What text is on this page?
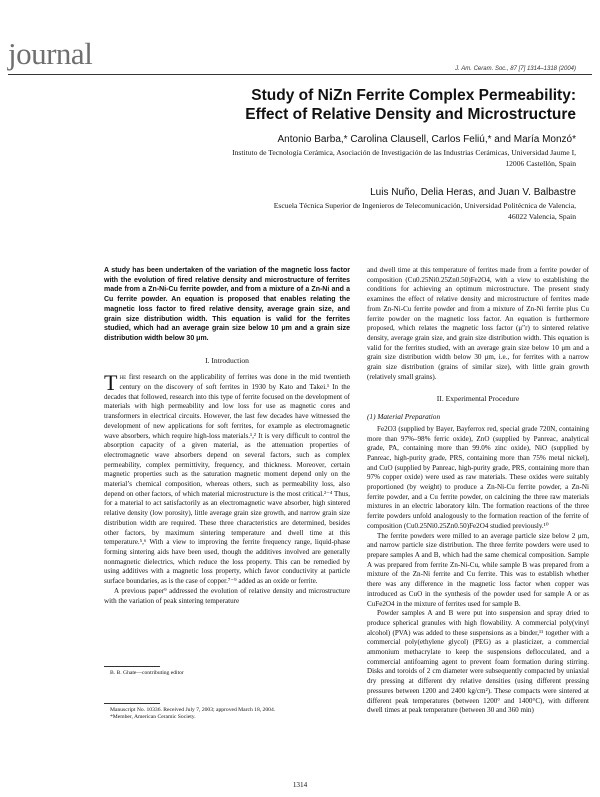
journal	J. Am. Ceram. Soc., 87 [7] 1314–1318 (2004)
Study of NiZn Ferrite Complex Permeability:
Effect of Relative Density and Microstructure
Antonio Barba,* Carolina Clausell, Carlos Feliú,* and María Monzó*
Instituto de Tecnología Cerámica, Asociación de Investigación de las Industrias Cerámicas, Universidad Jaume I,
12006 Castellón, Spain
Luis Nuño, Delia Heras, and Juan V. Balbastre
Escuela Técnica Superior de Ingenieros de Telecomunicación, Universidad Politécnica de Valencia,
46022 Valencia, Spain
A study has been undertaken of the variation of the magnetic loss factor with the evolution of fired relative density and microstructure of ferrites made from a Zn-Ni-Cu ferrite powder, and from a mixture of a Zn-Ni and a Cu ferrite powder. An equation is proposed that enables relating the magnetic loss factor to fired relative density, average grain size, and grain size distribution width. This equation is valid for the ferrites studied, which had an average grain size below 10 μm and a grain size distribution width below 30 μm.
I. Introduction

The first research on the applicability of ferrites was done in the mid twentieth century on the discovery of soft ferrites in 1930 by Kato and Takei.¹ In the decades that followed, research into this type of ferrite focused on the development of materials with high permeability and low loss for use as magnetic cores and transformers in electrical circuits. However, the last few decades have witnessed the development of new applications for soft ferrites, for example as electromagnetic wave absorbers, which require high-loss materials.¹,² It is very difficult to control the absorption capacity of a given material, as the attenuation properties of electromagnetic wave absorbers depend on several factors, such as complex permeability, complex permittivity, frequency, and thickness. Moreover, certain magnetic properties such as the saturation magnetic moment depend only on the material’s chemical composition, whereas others, such as permeability loss, also depend on other factors, of which material microstructure is the most critical.²⁻⁴ Thus, for a material to act satisfactorily as an electromagnetic wave absorber, high sintered relative density (low porosity), little average grain size growth, and narrow grain size distribution width are required. These three characteristics are determined, besides other factors, by maximum sintering temperature and dwell time at this temperature.⁵,⁶ With a view to improving the ferrite frequency range, liquid-phase forming sintering aids have been used, though the additives involved are generally nonmagnetic dielectrics, which reduce the loss property. This can be remedied by using additives with a magnetic loss property, which favor conductivity at particle surface boundaries, as is the case of copper.⁷⁻⁹ added as an oxide or ferrite.

A previous paper⁹ addressed the evolution of relative density and microstructure with the variation of peak sintering temperature

B. B. Ghate—contributing editor
Manuscript No. 10336. Received July 7, 2003; approved March 18, 2004.
*Member, American Ceramic Society.

and dwell time at this temperature of ferrites made from a ferrite powder of composition (Cu0.25Ni0.25Zn0.50)Fe2O4, with a view to establishing the conditions for achieving an optimum microstructure. The present study examines the effect of relative density and microstructure of ferrites made from Zn-Ni-Cu ferrite powder and from a mixture of Zn-Ni ferrite plus Cu ferrite powder on the magnetic loss factor. An equation is furthermore proposed, which relates the magnetic loss factor (μ″r) to sintered relative density, average grain size, and grain size distribution width. This equation is valid for the ferrites studied, with an average grain size below 10 μm and a grain size distribution width below 30 μm, i.e., for ferrites with a narrow grain size distribution (grains of similar size), with little grain growth (relatively small grains).

II. Experimental Procedure
(1) Material Preparation

Fe2O3 (supplied by Bayer, Bayferrox red, special grade 720N, containing more than 97%–98% ferric oxide), ZnO (supplied by Panreac, analytical grade, PA, containing more than 99.0% zinc oxide), NiO (supplied by Panreac, high-purity grade, PRS, containing more than 75% metal nickel), and CuO (supplied by Panreac, high-purity grade, PRS, containing more than 97% copper oxide) were used as raw materials. These oxides were suitably proportioned (by weight) to produce a Zn-Ni-Cu ferrite powder, a Zn-Ni ferrite powder, and a Cu ferrite powder, on calcining the three raw materials mixtures in an electric laboratory kiln. The formation reactions of the three ferrite powders unfold analogously to the formation reaction of the ferrite of composition (Cu0.25Ni0.25Zn0.50)Fe2O4 studied previously.¹⁰

The ferrite powders were milled to an average particle size below 2 μm, and narrow particle size distribution. The three ferrite powders were used to prepare samples A and B, which had the same chemical composition. Sample A was prepared from ferrite Zn-Ni-Cu, while sample B was prepared from a mixture of the Zn-Ni ferrite and Cu ferrite. This was to establish whether there was any difference in the magnetic loss factor when copper was introduced as CuO in the synthesis of the powder used for sample A or as CuFe2O4 in the mixture of ferrites used for sample B.

Powder samples A and B were put into suspension and spray dried to produce spherical granules with high flowability. A commercial poly(vinyl alcohol) (PVA) was added to these suspensions as a binder,¹¹ together with a commercial poly(ethylene glycol) (PEG) as a plasticizer, a commercial ammonium methacrylate to keep the suspensions deflocculated, and a commercial antifoaming agent to prevent foam formation during stirring. Disks and toroids of 2 cm diameter were subsequently compacted by uniaxial dry pressing at different dry relative densities (using different pressing pressures between 1200 and 2400 kg/cm²). These compacts were sintered at different peak temperatures (between 1200° and 1400°C), with different dwell times at peak temperature (between 30 and 360 min)

1314
